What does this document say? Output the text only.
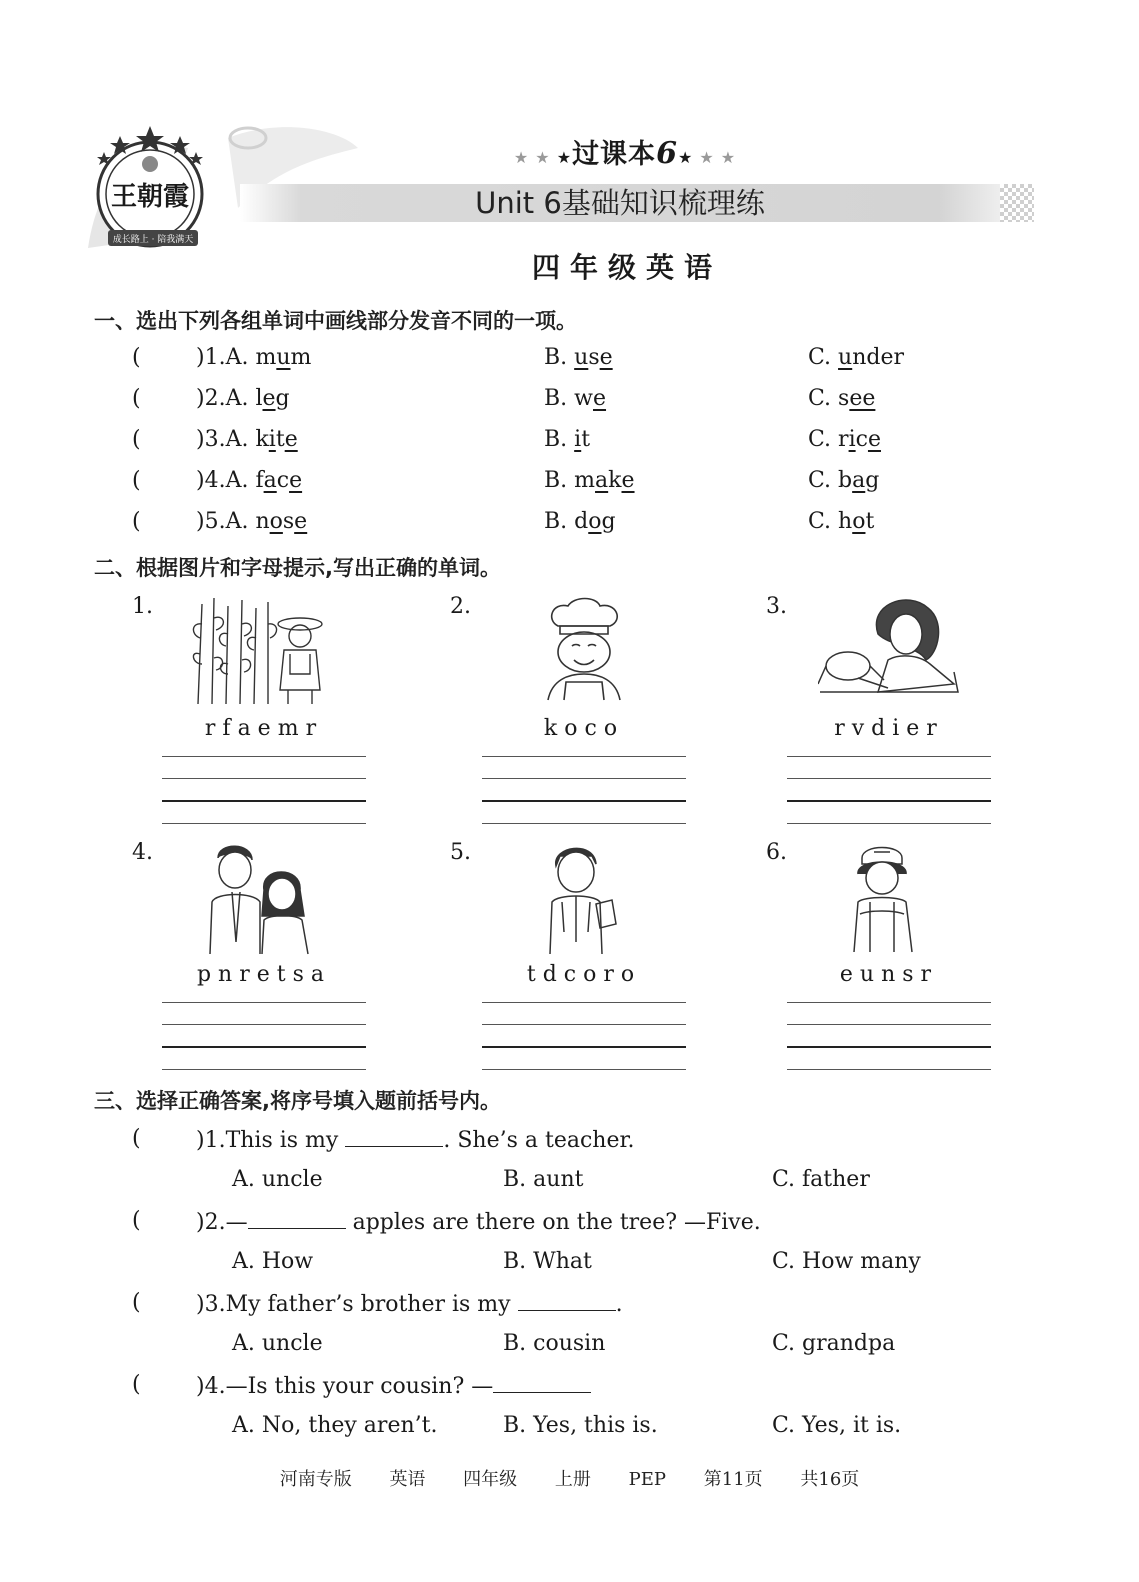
成长路上 · 陪我满天
王朝霞
★ ★ ★过课本6★ ★ ★
Unit 6基础知识梳理练
四年级英语
一、选出下列各组单词中画线部分发音不同的一项。
(	)1.A. mum	B. use	C. under
(	)2.A. leg	B. we	C. see
(	)3.A. kite	B. it	C. rice
(	)4.A. face	B. make	C. bag
(	)5.A. nose	B. dog	C. hot
二、根据图片和字母提示,写出正确的单词。
1.
rfaemr
2.
koco
3.
rvdier
4.
pnretsa
5.
tdcoro
6.
eunsr
三、选择正确答案,将序号填入题前括号内。
(	)1.This is my	. She’s a teacher.
A. uncle	B. aunt	C. father
(	)2.—	apples are there on the tree? —Five.
A. How	B. What	C. How many
(	)3.My father’s brother is my	.
A. uncle	B. cousin	C. grandpa
(	)4.—Is this your cousin? —
A. No, they aren’t.	B. Yes, this is.	C. Yes, it is.
河南专版 英语 四年级 上册 PEP 第11页 共16页
